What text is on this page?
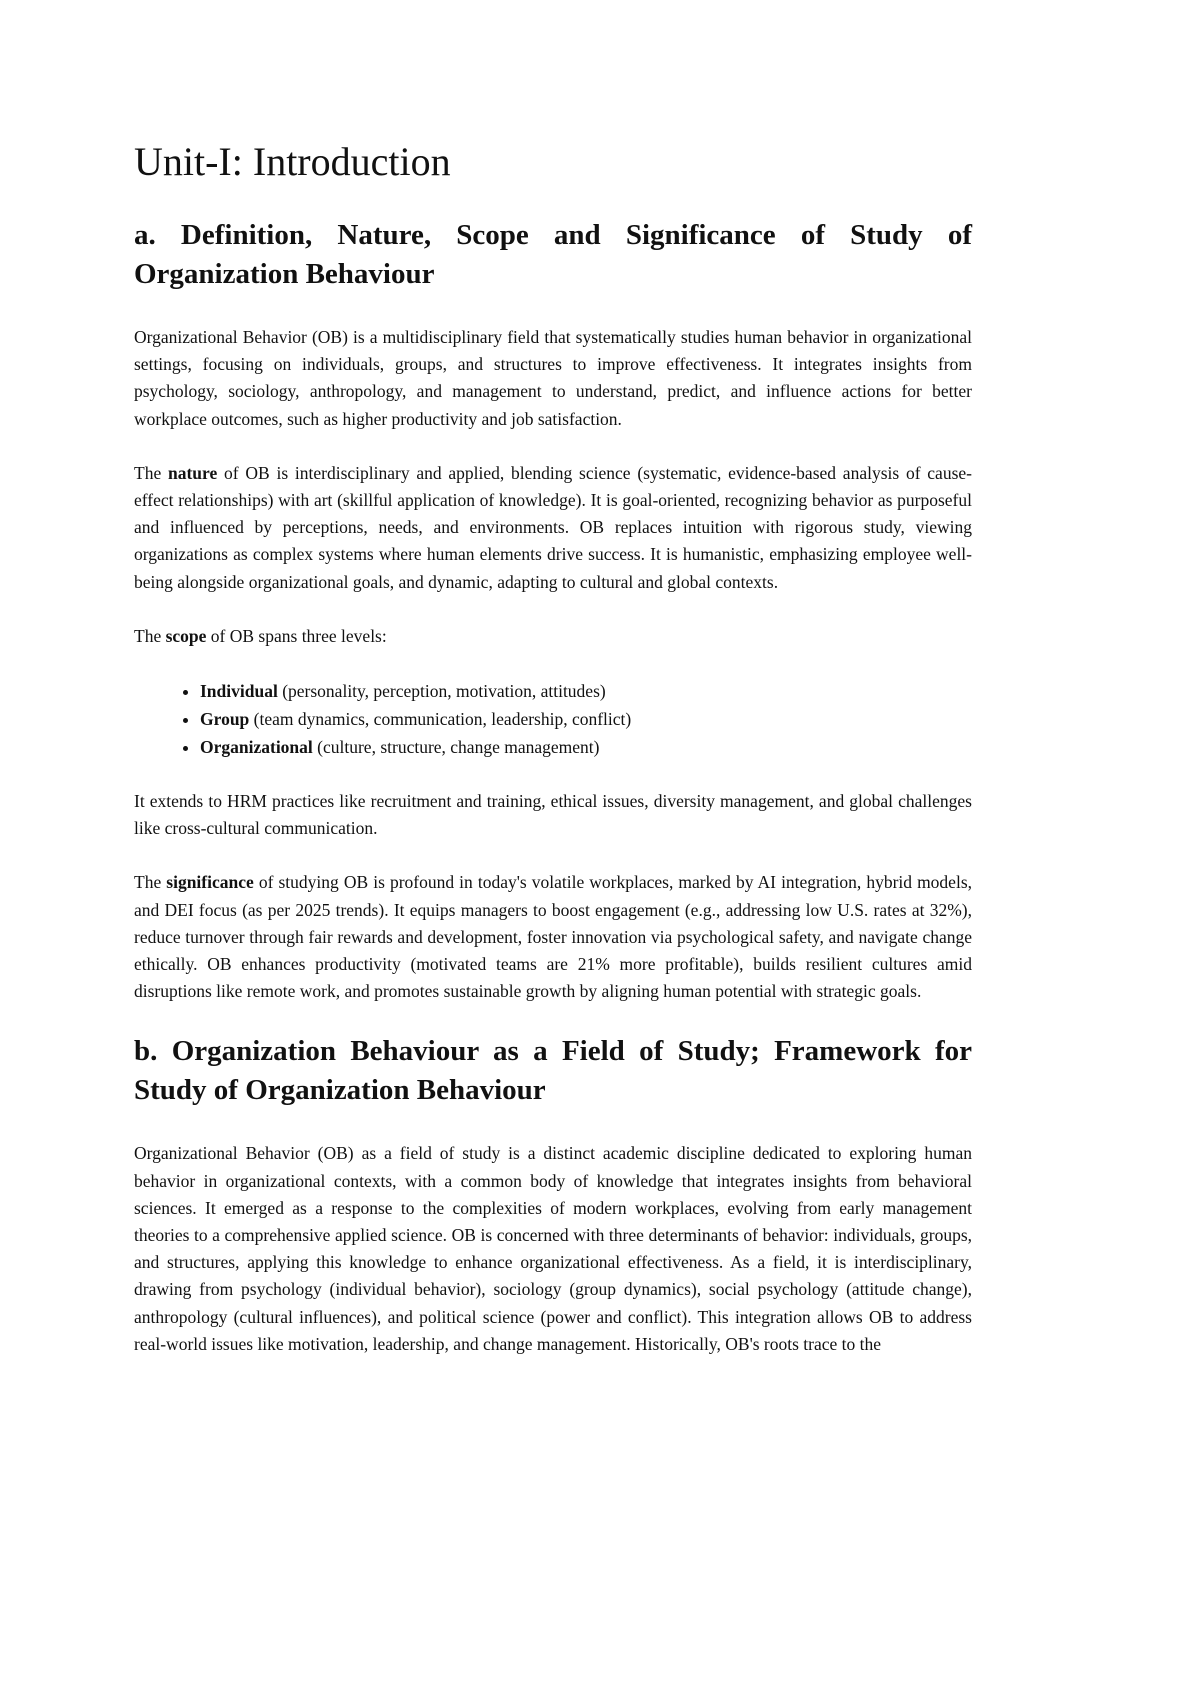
Unit-I: Introduction
a. Definition, Nature, Scope and Significance of Study of Organization Behaviour

Organizational Behavior (OB) is a multidisciplinary field that systematically studies human behavior in organizational settings, focusing on individuals, groups, and structures to improve effectiveness. It integrates insights from psychology, sociology, anthropology, and management to understand, predict, and influence actions for better workplace outcomes, such as higher productivity and job satisfaction.

The nature of OB is interdisciplinary and applied, blending science (systematic, evidence-based analysis of cause-effect relationships) with art (skillful application of knowledge). It is goal-oriented, recognizing behavior as purposeful and influenced by perceptions, needs, and environments. OB replaces intuition with rigorous study, viewing organizations as complex systems where human elements drive success. It is humanistic, emphasizing employee well-being alongside organizational goals, and dynamic, adapting to cultural and global contexts.

The scope of OB spans three levels:

• Individual (personality, perception, motivation, attitudes)
• Group (team dynamics, communication, leadership, conflict)
• Organizational (culture, structure, change management)

It extends to HRM practices like recruitment and training, ethical issues, diversity management, and global challenges like cross-cultural communication.

The significance of studying OB is profound in today's volatile workplaces, marked by AI integration, hybrid models, and DEI focus (as per 2025 trends). It equips managers to boost engagement (e.g., addressing low U.S. rates at 32%), reduce turnover through fair rewards and development, foster innovation via psychological safety, and navigate change ethically. OB enhances productivity (motivated teams are 21% more profitable), builds resilient cultures amid disruptions like remote work, and promotes sustainable growth by aligning human potential with strategic goals.

b. Organization Behaviour as a Field of Study; Framework for Study of Organization Behaviour

Organizational Behavior (OB) as a field of study is a distinct academic discipline dedicated to exploring human behavior in organizational contexts, with a common body of knowledge that integrates insights from behavioral sciences. It emerged as a response to the complexities of modern workplaces, evolving from early management theories to a comprehensive applied science. OB is concerned with three determinants of behavior: individuals, groups, and structures, applying this knowledge to enhance organizational effectiveness. As a field, it is interdisciplinary, drawing from psychology (individual behavior), sociology (group dynamics), social psychology (attitude change), anthropology (cultural influences), and political science (power and conflict). This integration allows OB to address real-world issues like motivation, leadership, and change management. Historically, OB's roots trace to the
